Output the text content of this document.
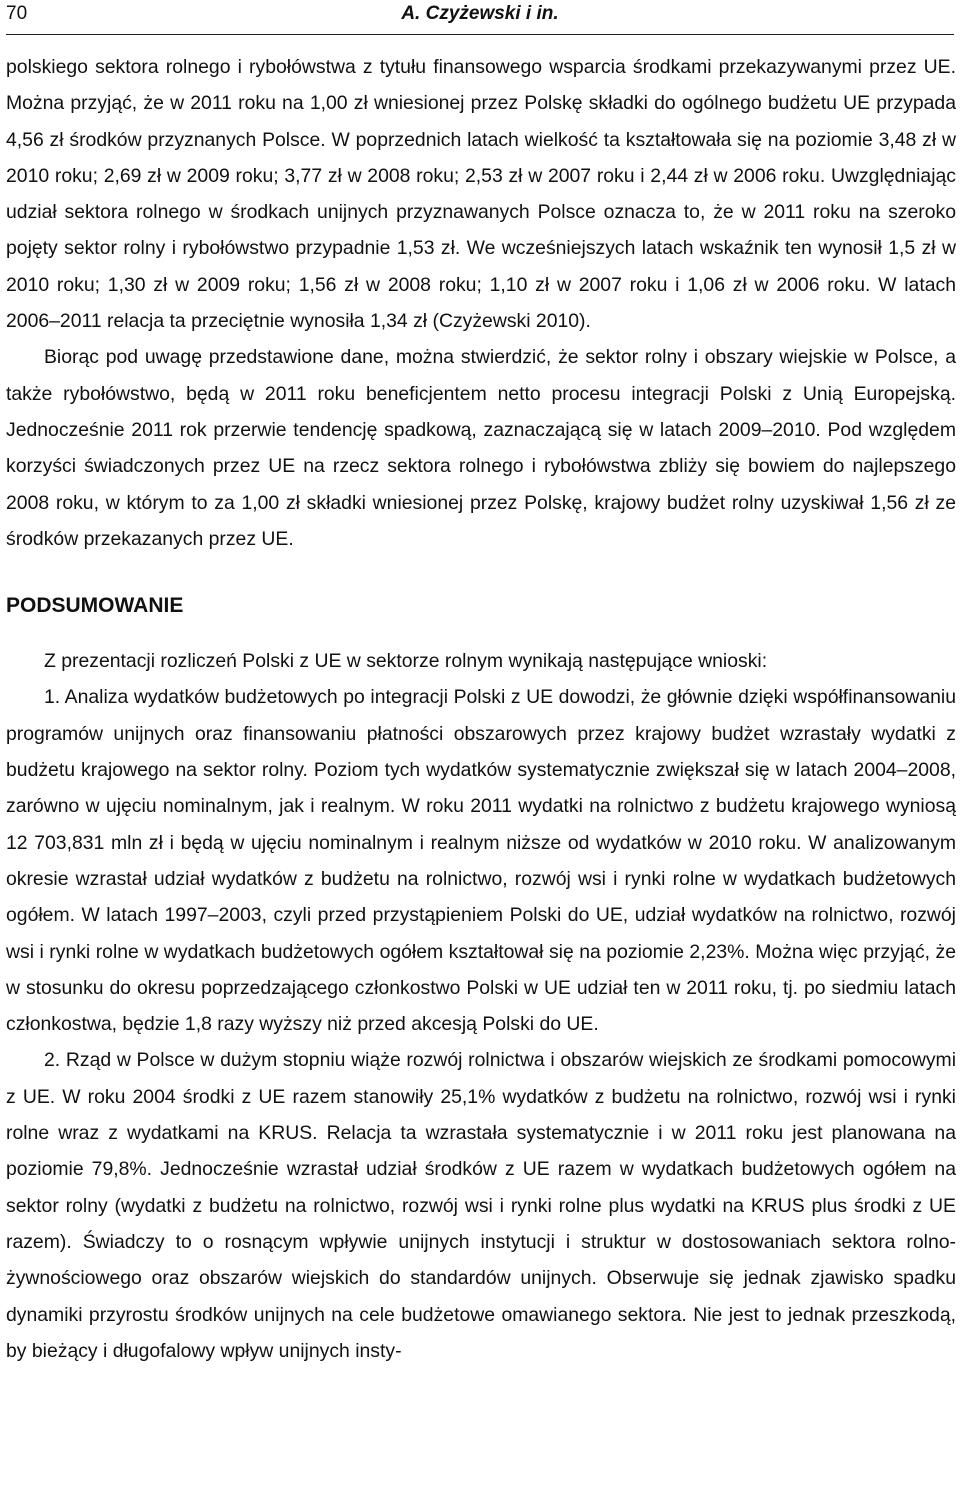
70	A. Czyżewski i in.

polskiego sektora rolnego i rybołówstwa z tytułu finansowego wsparcia środkami przekazywanymi przez UE. Można przyjąć, że w 2011 roku na 1,00 zł wniesionej przez Polskę składki do ogólnego budżetu UE przypada 4,56 zł środków przyznanych Polsce. W poprzednich latach wielkość ta kształtowała się na poziomie 3,48 zł w 2010 roku; 2,69 zł w 2009 roku; 3,77 zł w 2008 roku; 2,53 zł w 2007 roku i 2,44 zł w 2006 roku. Uwzględniając udział sektora rolnego w środkach unijnych przyznawanych Polsce oznacza to, że w 2011 roku na szeroko pojęty sektor rolny i rybołówstwo przypadnie 1,53 zł. We wcześniejszych latach wskaźnik ten wynosił 1,5 zł w 2010 roku; 1,30 zł w 2009 roku; 1,56 zł w 2008 roku; 1,10 zł w 2007 roku i 1,06 zł w 2006 roku. W latach 2006–2011 relacja ta przeciętnie wynosiła 1,34 zł (Czyżewski 2010).

Biorąc pod uwagę przedstawione dane, można stwierdzić, że sektor rolny i obszary wiejskie w Polsce, a także rybołówstwo, będą w 2011 roku beneficjentem netto procesu integracji Polski z Unią Europejską. Jednocześnie 2011 rok przerwie tendencję spadkową, zaznaczającą się w latach 2009–2010. Pod względem korzyści świadczonych przez UE na rzecz sektora rolnego i rybołówstwa zbliży się bowiem do najlepszego 2008 roku, w którym to za 1,00 zł składki wniesionej przez Polskę, krajowy budżet rolny uzyskiwał 1,56 zł ze środków przekazanych przez UE.

PODSUMOWANIE

Z prezentacji rozliczeń Polski z UE w sektorze rolnym wynikają następujące wnioski:

1. Analiza wydatków budżetowych po integracji Polski z UE dowodzi, że głównie dzięki współfinansowaniu programów unijnych oraz finansowaniu płatności obszarowych przez krajowy budżet wzrastały wydatki z budżetu krajowego na sektor rolny. Poziom tych wydatków systematycznie zwiększał się w latach 2004–2008, zarówno w ujęciu nominalnym, jak i realnym. W roku 2011 wydatki na rolnictwo z budżetu krajowego wyniosą 12 703,831 mln zł i będą w ujęciu nominalnym i realnym niższe od wydatków w 2010 roku. W analizowanym okresie wzrastał udział wydatków z budżetu na rolnictwo, rozwój wsi i rynki rolne w wydatkach budżetowych ogółem. W latach 1997–2003, czyli przed przystąpieniem Polski do UE, udział wydatków na rolnictwo, rozwój wsi i rynki rolne w wydatkach budżetowych ogółem kształtował się na poziomie 2,23%. Można więc przyjąć, że w stosunku do okresu poprzedzającego członkostwo Polski w UE udział ten w 2011 roku, tj. po siedmiu latach członkostwa, będzie 1,8 razy wyższy niż przed akcesją Polski do UE.

2. Rząd w Polsce w dużym stopniu wiąże rozwój rolnictwa i obszarów wiejskich ze środkami pomocowymi z UE. W roku 2004 środki z UE razem stanowiły 25,1% wydatków z budżetu na rolnictwo, rozwój wsi i rynki rolne wraz z wydatkami na KRUS. Relacja ta wzrastała systematycznie i w 2011 roku jest planowana na poziomie 79,8%. Jednocześnie wzrastał udział środków z UE razem w wydatkach budżetowych ogółem na sektor rolny (wydatki z budżetu na rolnictwo, rozwój wsi i rynki rolne plus wydatki na KRUS plus środki z UE razem). Świadczy to o rosnącym wpływie unijnych instytucji i struktur w dostosowaniach sektora rolno-żywnościowego oraz obszarów wiejskich do standardów unijnych. Obserwuje się jednak zjawisko spadku dynamiki przyrostu środków unijnych na cele budżetowe omawianego sektora. Nie jest to jednak przeszkodą, by bieżący i długofalowy wpływ unijnych insty-
